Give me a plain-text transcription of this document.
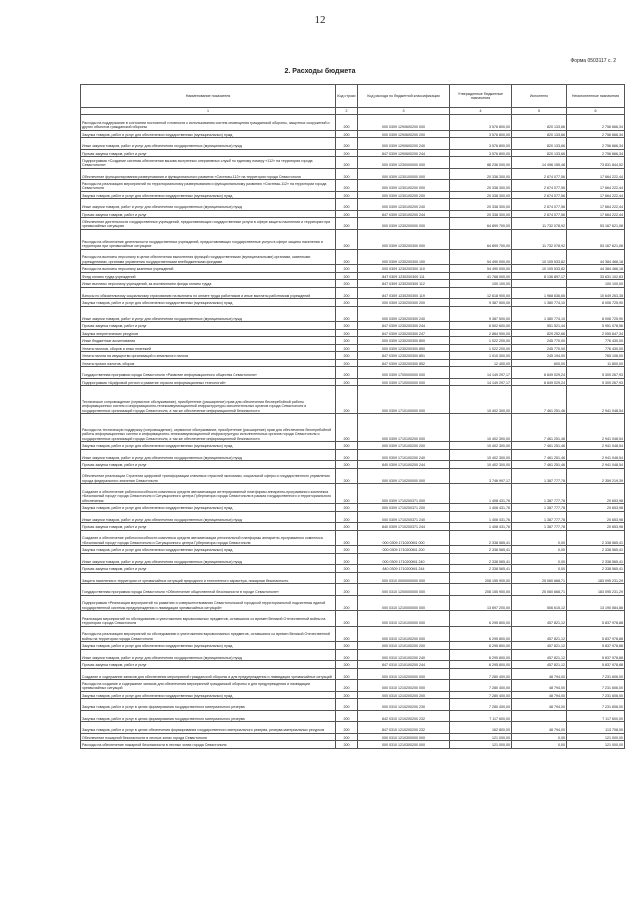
12
Форма 0503117 с. 2
2. Расходы бюджета
Наименование показателя	Код строки	Код расхода по бюджетной классификации	Утвержденные бюджетные назначения	Исполнено	Неисполненные назначения
1	2	3	4	5	6
Расходы на поддержание в состоянии постоянной готовности к использованию систем оповещения гражданской обороны, защитных сооружений и других объектов гражданской обороны	200	000 0309 1290600200 000	3 576 800,00	820 133,66	2 756 666,34
Закупка товаров, работ и услуг для обеспечения государственных (муниципальных) нужд	200	000 0309 1290600200 200	3 576 800,00	820 133,66	2 756 666,34
Иные закупки товаров, работ и услуг для обеспечения государственных (муниципальных) нужд	200	000 0309 1290600200 240	3 576 800,00	820 133,66	2 756 666,34
Прочая закупка товаров, работ и услуг	200	847 0309 1290600200 244	3 576 800,00	820 133,66	2 756 666,34
Подпрограмма «Создание системы обеспечения вызова экстренных оперативных служб по единому номеру «112» на территории города Севастополя»	200	000 0309 1230000000 000	88 236 000,00	14 496 155,48	73 831 844,52
Обеспечение функционирования развертывания и функционального развития «Системы-112» на территории города Севастополя	200	000 0309 1230100000 000	20 338 300,00	2 674 077,56	17 664 222,44
Расходы на реализацию мероприятий по территориальному развертыванию и функциональному развитию «Системы-112» на территории города Севастополя	200	000 0309 1230100200 000	20 338 300,00	2 674 077,56	17 664 222,44
Закупка товаров, работ и услуг для обеспечения государственных (муниципальных) нужд	200	000 0309 1230100200 200	20 338 300,00	2 674 077,56	17 664 222,44
Иные закупки товаров, работ и услуг для обеспечения государственных (муниципальных) нужд	200	000 0309 1230100200 240	20 338 300,00	2 674 077,56	17 664 222,44
Прочая закупка товаров, работ и услуг	200	847 0309 1230100200 244	20 338 300,00	2 674 077,56	17 664 222,44
Обеспечение деятельности государственных учреждений, предоставляющих государственные услуги в сфере защиты населения и территории при чрезвычайных ситуациях	200	000 0309 1230200000 000	64 899 700,00	11 732 078,92	53 167 621,08
Расходы на обеспечение деятельности государственных учреждений, предоставляющих государственные услуги в сфере защиты населения и территории при чрезвычайных ситуациях	200	000 0309 1230200300 000	64 899 700,00	11 732 078,92	53 167 621,08
Расходы на выплаты персоналу в целях обеспечения выполнения функций государственными (муниципальными) органами, казенными учреждениями, органами управления государственными внебюджетными фондами	200	000 0309 1230200300 100	54 490 000,00	10 105 533,82	44 384 466,18
Расходы на выплаты персоналу казенных учреждений	200	000 0309 1230200300 110	54 490 000,00	10 105 533,82	44 384 466,18
Фонд оплаты труда учреждений	200	847 0309 1230200300 111	41 768 000,00	8 136 897,17	33 631 102,83
Иные выплаты персоналу учреждений, за исключением фонда оплаты труда	200	847 0309 1230200300 112	100 100,00		100 100,00
Взносы по обязательному социальному страхованию на выплаты по оплате труда работников и иные выплаты работникам учреждений	200	847 0309 1230200300 119	12 618 900,00	1 968 636,65	10 649 263,35
Закупка товаров, работ и услуг для обеспечения государственных (муниципальных) нужд	200	000 0309 1230200300 200	9 387 500,00	1 380 774,10	8 006 725,90
Иные закупки товаров, работ и услуг для обеспечения государственных (муниципальных) нужд	200	000 0309 1230200300 240	9 387 500,00	1 380 774,10	8 006 725,90
Прочая закупка товаров, работ и услуг	200	847 0309 1230200300 244	6 502 600,00	551 521,44	5 951 078,56
Закупка энергетических ресурсов	200	847 0309 1230200300 247	2 884 900,00	829 252,66	2 055 647,34
Иные бюджетные ассигнования	200	000 0309 1230200300 800	1 022 200,00	245 770,00	776 430,00
Уплата налогов, сборов и иных платежей	200	000 0309 1230200300 850	1 022 200,00	245 770,00	776 430,00
Уплата налога на имущество организаций и земельного налога	200	847 0309 1230200300 851	1 010 300,00	245 194,00	765 106,00
Уплата прочих налогов, сборов	200	847 0309 1230200300 852	12 400,00	600,00	11 800,00
Государственная программа города Севастополя «Развитие информационного общества Севастополя»	200	000 0309 1700000000 000	14 149 297,17	8 849 029,24	5 300 267,93
Подпрограмма «Цифровой регион и развитие отрасли информационных технологий»	200	000 0309 1710000000 000	14 149 297,17	8 849 029,24	5 300 267,93
Техническое сопровождение (сервисное обслуживание), приобретение (расширение) прав для обеспечения бесперебойной работы информационных систем и информационно-телекоммуникационной инфраструктуры исполнительных органов города Севастополя и государственных организаций города Севастополя, а так же обеспечение информационной безопасности	200	000 0309 1710100000 000	10 402 300,00	7 461 251,46	2 941 048,54
Расходы на техническую поддержку (сопровождение), сервисное обслуживание, приобретение (расширение) прав для обеспечения бесперебойной работы информационных систем и информационно-телекоммуникационной инфраструктуры исполнительных органов города Севастополя и государственных организаций города Севастополя, а так же обеспечение информационной безопасности	200	000 0309 1710100200 000	10 402 300,00	7 461 251,46	2 941 048,54
Закупка товаров, работ и услуг для обеспечения государственных (муниципальных) нужд	200	000 0309 1710100200 200	10 402 300,00	7 461 251,46	2 941 048,54
Иные закупки товаров, работ и услуг для обеспечения государственных (муниципальных) нужд	200	000 0309 1710100200 240	10 402 300,00	7 461 251,46	2 941 048,54
Прочая закупка товаров, работ и услуг	200	840 0309 1710100200 244	10 402 300,00	7 461 251,46	2 941 048,54
Обеспечение реализации Стратегии цифровой трансформации ключевых отраслей экономики, социальной сферы и государственного управления города федерального значения Севастополя	200	000 0309 1710200000 000	3 746 997,17	1 387 777,78	2 359 219,39
Создание и обеспечение работоспособности комплекса средств автоматизации интегрированной платформы аппаратно-программного комплекса «Безопасный город» города Севастополя и Ситуационного центра Губернатора города Севастополя в рамках государственного и территориального обеспечения	200	000 0309 1710200371 000	1 408 431,76	1 387 777,78	20 653,98
Закупка товаров, работ и услуг для обеспечения государственных (муниципальных) нужд	200	000 0309 1710200371 200	1 408 431,76	1 387 777,78	20 653,98
Иные закупки товаров, работ и услуг для обеспечения государственных (муниципальных) нужд	200	000 0309 1710200371 240	1 408 431,76	1 387 777,78	20 653,98
Прочая закупка товаров, работ и услуг	200	840 0309 1710200371 244	1 408 431,76	1 387 777,78	20 653,98
Создание и обеспечение работоспособности комплекса средств автоматизации региональной платформы аппаратно-программного комплекса «Безопасный город» города Севастополя и Ситуационного центра Губернатора города Севастополя	200	000 0309 1710200M1 000	2 338 565,41	0,00	2 338 565,41
Закупка товаров, работ и услуг для обеспечения государственных (муниципальных) нужд	200	000 0309 1710200M1 200	2 338 565,41	0,00	2 338 565,41
Иные закупки товаров, работ и услуг для обеспечения государственных (муниципальных) нужд	200	000 0309 1710200M1 240	2 338 565,41	0,00	2 338 565,41
Прочая закупка товаров, работ и услуг	200	840 0309 1710200M1 244	2 338 565,41	0,00	2 338 565,41
Защита населения и территории от чрезвычайных ситуаций природного и техногенного характера, пожарная безопасность	200	000 0310 0000000000 000	208 155 900,00	25 060 668,71	183 095 231,29
Государственная программа города Севастополя «Обеспечение общественной безопасности в городе Севастополе»	200	000 0310 1200000000 000	208 155 900,00	25 060 668,71	183 095 231,29
Подпрограмма «Реализация мероприятий по развитию и совершенствованию Севастопольской городской территориальной подсистемы единой государственной системы предупреждения и ликвидации чрезвычайных ситуаций»	200	000 0310 1210000000 000	13 697 200,00	506 615,12	13 190 584,88
Реализация мероприятий по обследованию и уничтожению взрывоопасных предметов, оставшихся со времен Великой Отечественной войны на территории города Севастополя	200	000 0310 1210100000 000	6 295 800,00	457 821,12	5 837 978,88
Расходы на реализацию мероприятий по обследованию и уничтожению взрывоопасных предметов, оставшихся со времен Великой Отечественной войны на территории города Севастополя	200	000 0310 1210100200 000	6 295 800,00	457 821,12	5 837 978,88
Закупка товаров, работ и услуг для обеспечения государственных (муниципальных) нужд	200	000 0310 1210100200 200	6 295 800,00	457 821,12	5 837 978,88
Иные закупки товаров, работ и услуг для обеспечения государственных (муниципальных) нужд	200	000 0310 1210100200 240	6 295 800,00	457 821,12	5 837 978,88
Прочая закупка товаров, работ и услуг	200	847 0310 1210100200 244	6 295 800,00	457 821,12	5 837 978,88
Создание и содержание запасов для обеспечения мероприятий гражданской обороны и для предупреждения и ликвидации чрезвычайных ситуаций	200	000 0310 1210200000 000	7 280 400,00	48 794,00	7 231 606,00
Расходы на создание и содержание запасов для обеспечения мероприятий гражданской обороны и для предупреждения и ликвидации чрезвычайных ситуаций	200	000 0310 1210200200 000	7 280 400,00	48 794,00	7 231 606,00
Закупка товаров, работ и услуг для обеспечения государственных (муниципальных) нужд	200	000 0310 1210200200 200	7 280 400,00	48 794,00	7 231 606,00
Закупка товаров, работ и услуг в целях формирования государственного материального резерва	200	000 0310 1210200200 230	7 280 400,00	48 794,00	7 231 606,00
Закупка товаров, работ и услуг в целях формирования государственного материального резерва	200	842 0310 1210200200 232	7 117 600,00		7 117 600,00
Закупка товаров, работ и услуг в целях обеспечения формирования государственного материального резерва, резерва материальных ресурсов	200	847 0310 1210200200 232	162 800,00	48 794,00	113 708,00
Обеспечение пожарной безопасности в лесных зонах города Севастополя	200	000 0310 1210300000 000	121 000,00	0,00	121 000,00
Расходы на обеспечение пожарной безопасности в лесных зонах города Севастополя	200	000 0310 1210300200 000	121 000,00	0,00	121 000,00
